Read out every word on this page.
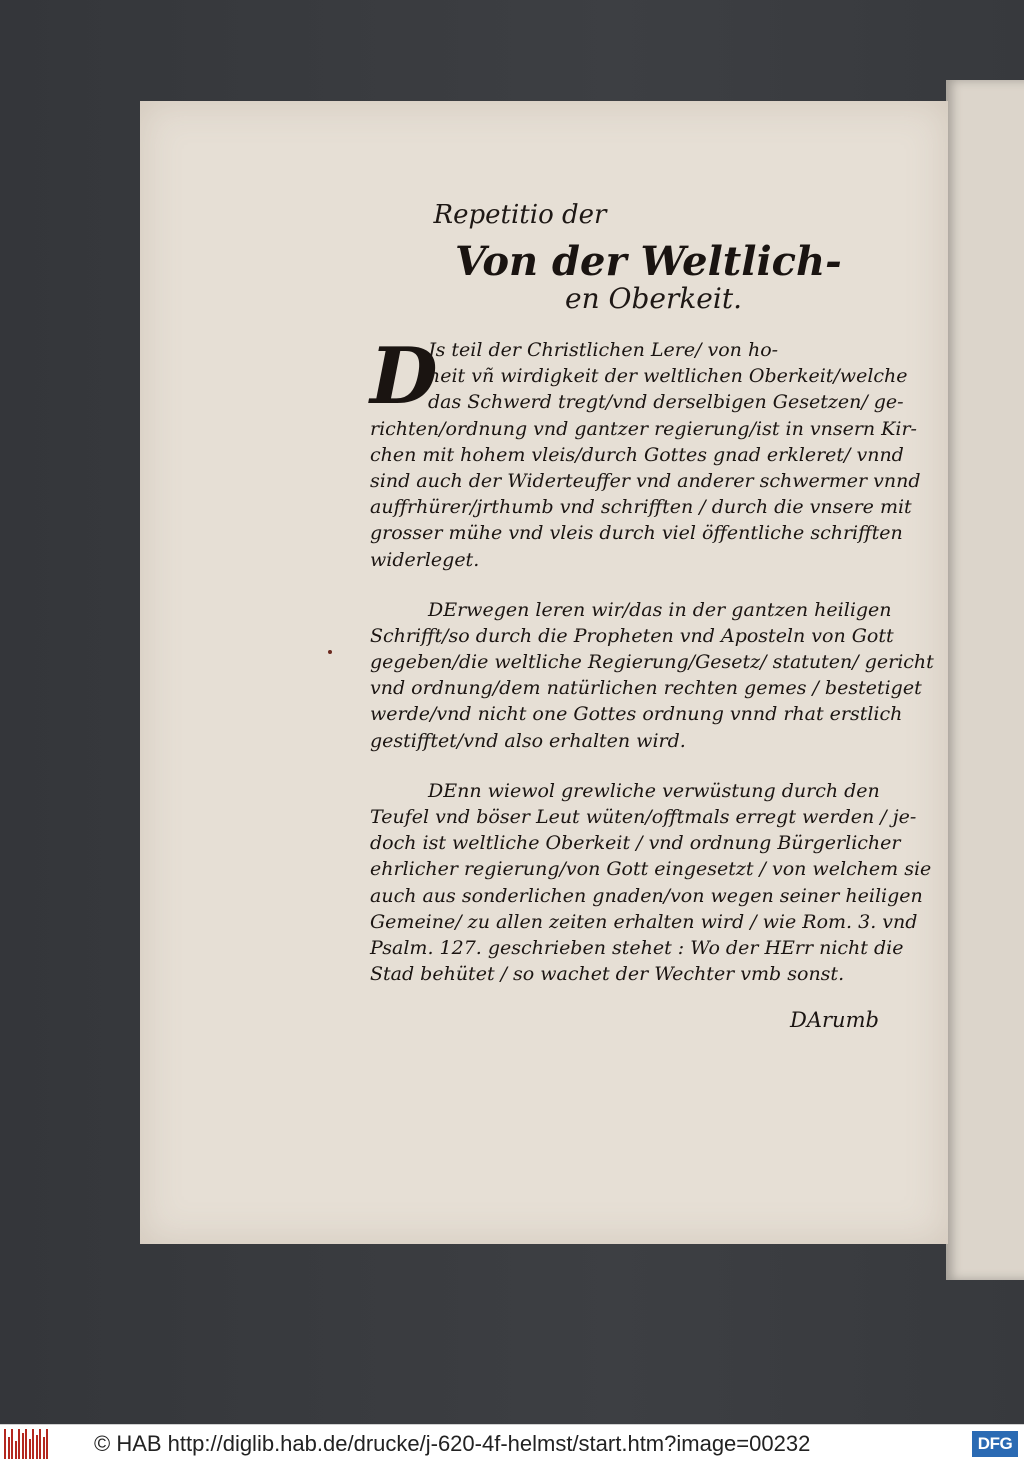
Repetitio der
Von der Weltlich-
en Oberkeit.
Js teil der Christlichen Lere/ von ho-
heit vñ wirdigkeit der weltlichen Oberkeit/welche
das Schwerd tregt/vnd derselbigen Gesetzen/ ge-
richten/ordnung vnd gantzer regierung/ist in vnsern Kir-
chen mit hohem vleis/durch Gottes gnad erkleret/ vnnd
sind auch der Widerteuffer vnd anderer schwermer vnnd
auffrhürer/jrthumb vnd schrifften / durch die vnsere mit
grosser mühe vnd vleis durch viel öffentliche schrifften
widerleget.
DErwegen leren wir/das in der gantzen heiligen
Schrifft/so durch die Propheten vnd Aposteln von Gott
gegeben/die weltliche Regierung/Gesetz/ statuten/ gericht
vnd ordnung/dem natürlichen rechten gemes / bestetiget
werde/vnd nicht one Gottes ordnung vnnd rhat erstlich
gestifftet/vnd also erhalten wird.
DEnn wiewol grewliche verwüstung durch den
Teufel vnd böser Leut wüten/offtmals erregt werden / je-
doch ist weltliche Oberkeit / vnd ordnung Bürgerlicher
ehrlicher regierung/von Gott eingesetzt / von welchem sie
auch aus sonderlichen gnaden/von wegen seiner heiligen
Gemeine/ zu allen zeiten erhalten wird / wie Rom. 3. vnd
Psalm. 127. geschrieben stehet : Wo der HErr nicht die
Stad behütet / so wachet der Wechter vmb sonst.
D
DArumb
© HAB http://diglib.hab.de/drucke/j-620-4f-helmst/start.htm?image=00232	DFG
